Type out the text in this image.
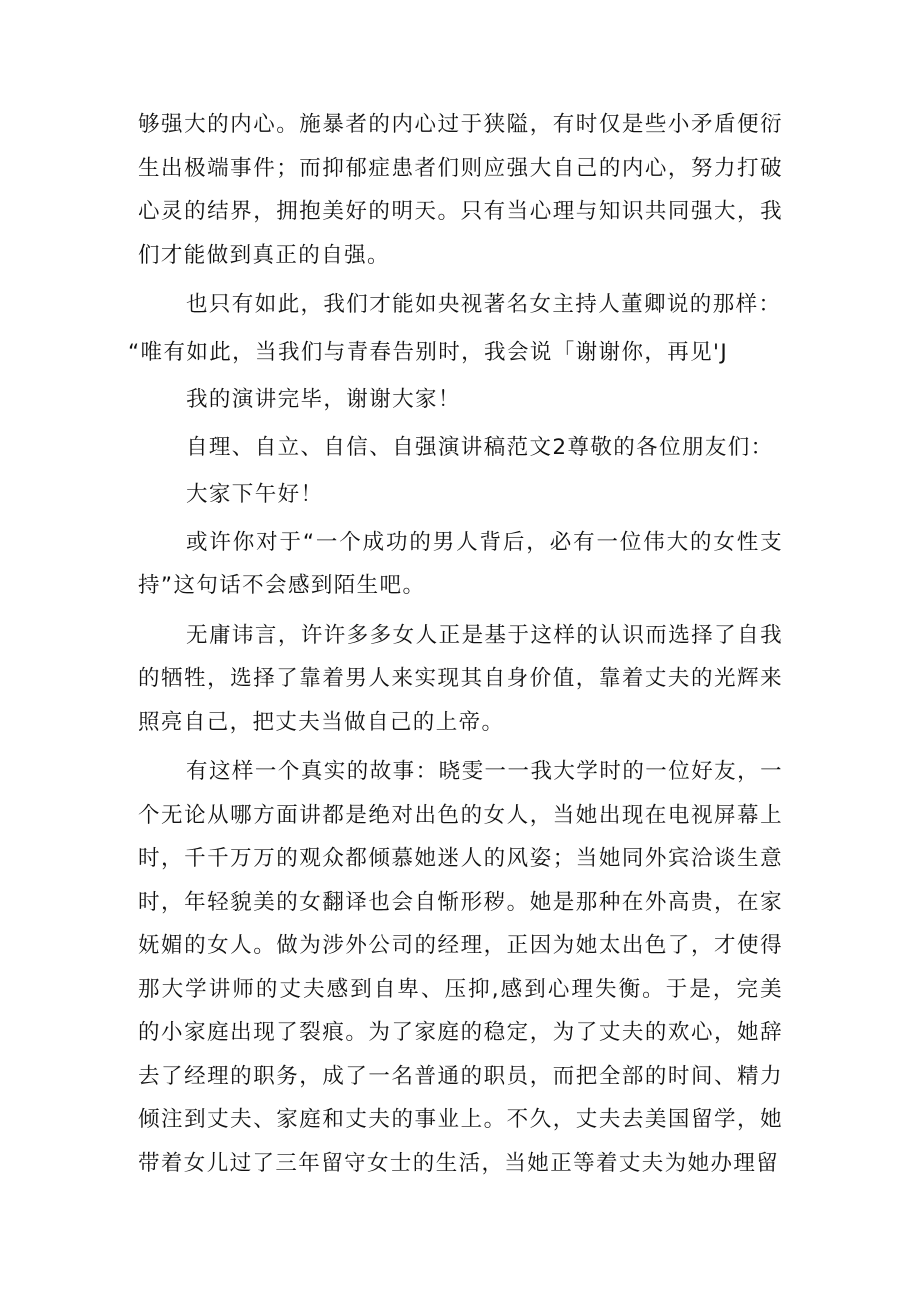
够强大的内心。施暴者的内心过于狭隘，有时仅是些小矛盾便衍生出极端事件；而抑郁症患者们则应强大自己的内心，努力打破心灵的结界，拥抱美好的明天。只有当心理与知识共同强大，我们才能做到真正的自强。

也只有如此，我们才能如央视著名女主持人董卿说的那样：

“唯有如此，当我们与青春告别时，我会说「谢谢你，再见'J

我的演讲完毕，谢谢大家！

自理、自立、自信、自强演讲稿范文2尊敬的各位朋友们：

大家下午好！

或许你对于“一个成功的男人背后，必有一位伟大的女性支持”这句话不会感到陌生吧。

无庸讳言，许许多多女人正是基于这样的认识而选择了自我的牺牲，选择了靠着男人来实现其自身价值，靠着丈夫的光辉来照亮自己，把丈夫当做自己的上帝。

有这样一个真实的故事：晓雯一一我大学时的一位好友，一个无论从哪方面讲都是绝对出色的女人，当她出现在电视屏幕上时，千千万万的观众都倾慕她迷人的风姿；当她同外宾洽谈生意时，年轻貌美的女翻译也会自惭形秽。她是那种在外高贵，在家妩媚的女人。做为涉外公司的经理，正因为她太出色了，才使得那大学讲师的丈夫感到自卑、压抑,感到心理失衡。于是，完美的小家庭出现了裂痕。为了家庭的稳定，为了丈夫的欢心，她辞去了经理的职务，成了一名普通的职员，而把全部的时间、精力倾注到丈夫、家庭和丈夫的事业上。不久，丈夫去美国留学，她带着女儿过了三年留守女士的生活，当她正等着丈夫为她办理留
